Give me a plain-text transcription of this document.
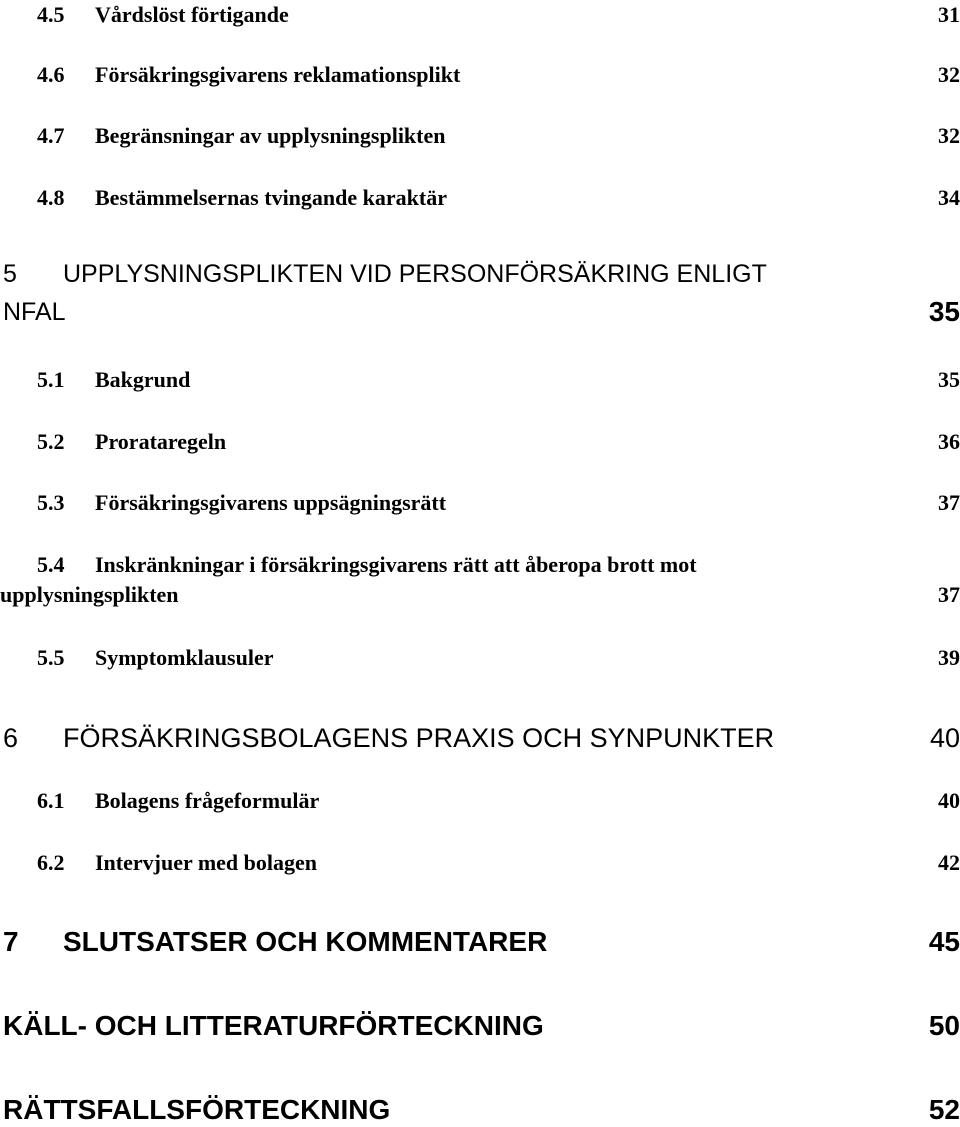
4.5 Vårdslöst förtigande	31
4.6 Försäkringsgivarens reklamationsplikt	32
4.7 Begränsningar av upplysningsplikten	32
4.8 Bestämmelsernas tvingande karaktär	34
5 UPPLYSNINGSPLIKTEN VID PERSONFÖRSÄKRING ENLIGT
NFAL	35
5.1 Bakgrund	35
5.2 Prorataregeln	36
5.3 Försäkringsgivarens uppsägningsrätt	37
5.4 Inskränkningar i försäkringsgivarens rätt att åberopa brott mot
upplysningsplikten	37
5.5 Symptomklausuler	39
6 FÖRSÄKRINGSBOLAGENS PRAXIS OCH SYNPUNKTER	40
6.1 Bolagens frågeformulär	40
6.2 Intervjuer med bolagen	42
7 SLUTSATSER OCH KOMMENTARER	45
KÄLL- OCH LITTERATURFÖRTECKNING	50
RÄTTSFALLSFÖRTECKNING	52
